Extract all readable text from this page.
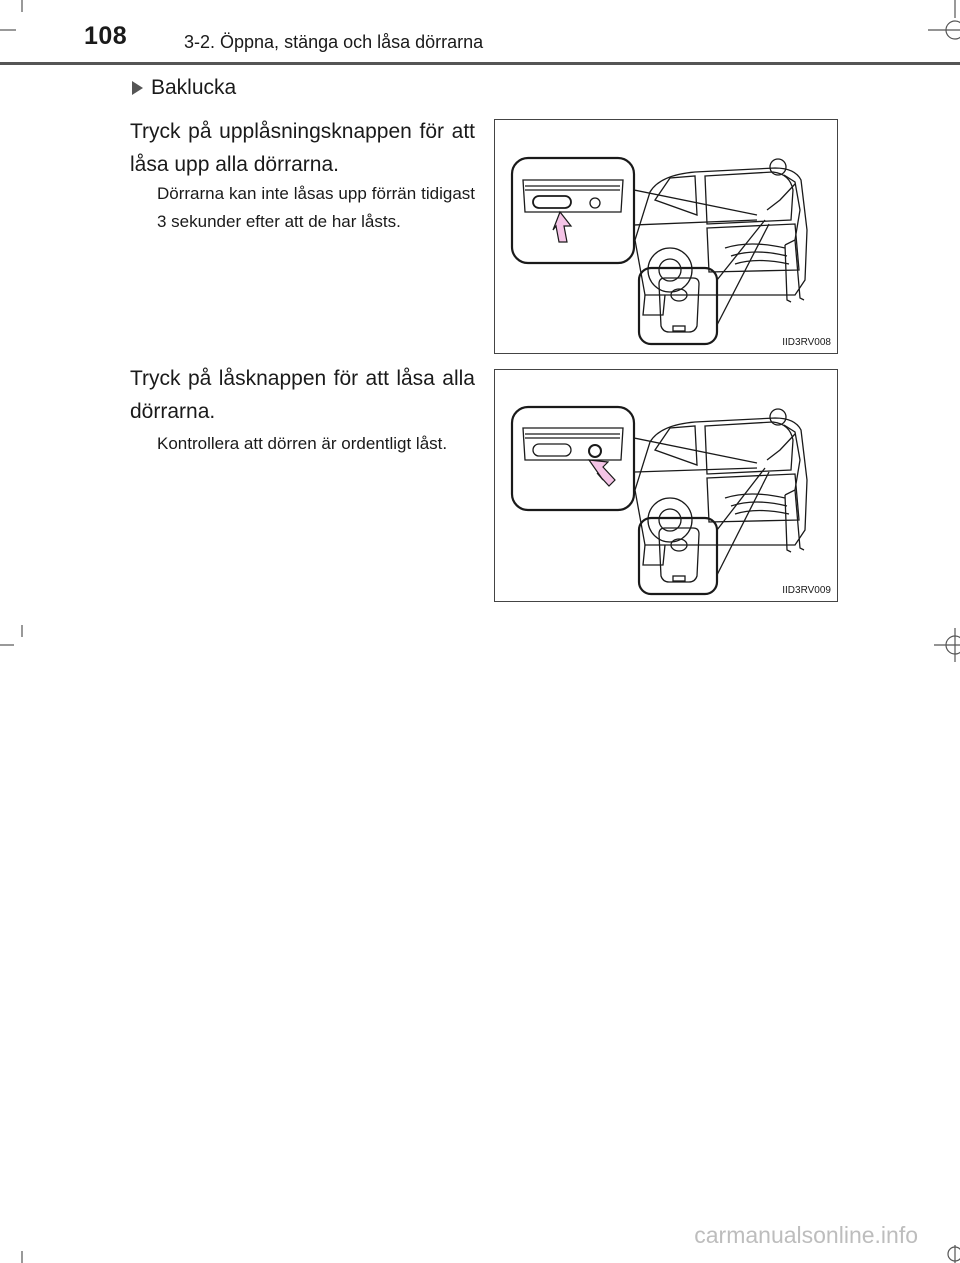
108	3-2. Öppna, stänga och låsa dörrarna
Baklucka
Tryck på upplåsningsknappen för att låsa upp alla dörrarna.
Dörrarna kan inte låsas upp förrän tidigast 3 sekunder efter att de har låsts.
IID3RV008
Tryck på låsknappen för att låsa alla dörrarna.
Kontrollera att dörren är ordentligt låst.
IID3RV009
carmanualsonline.info
